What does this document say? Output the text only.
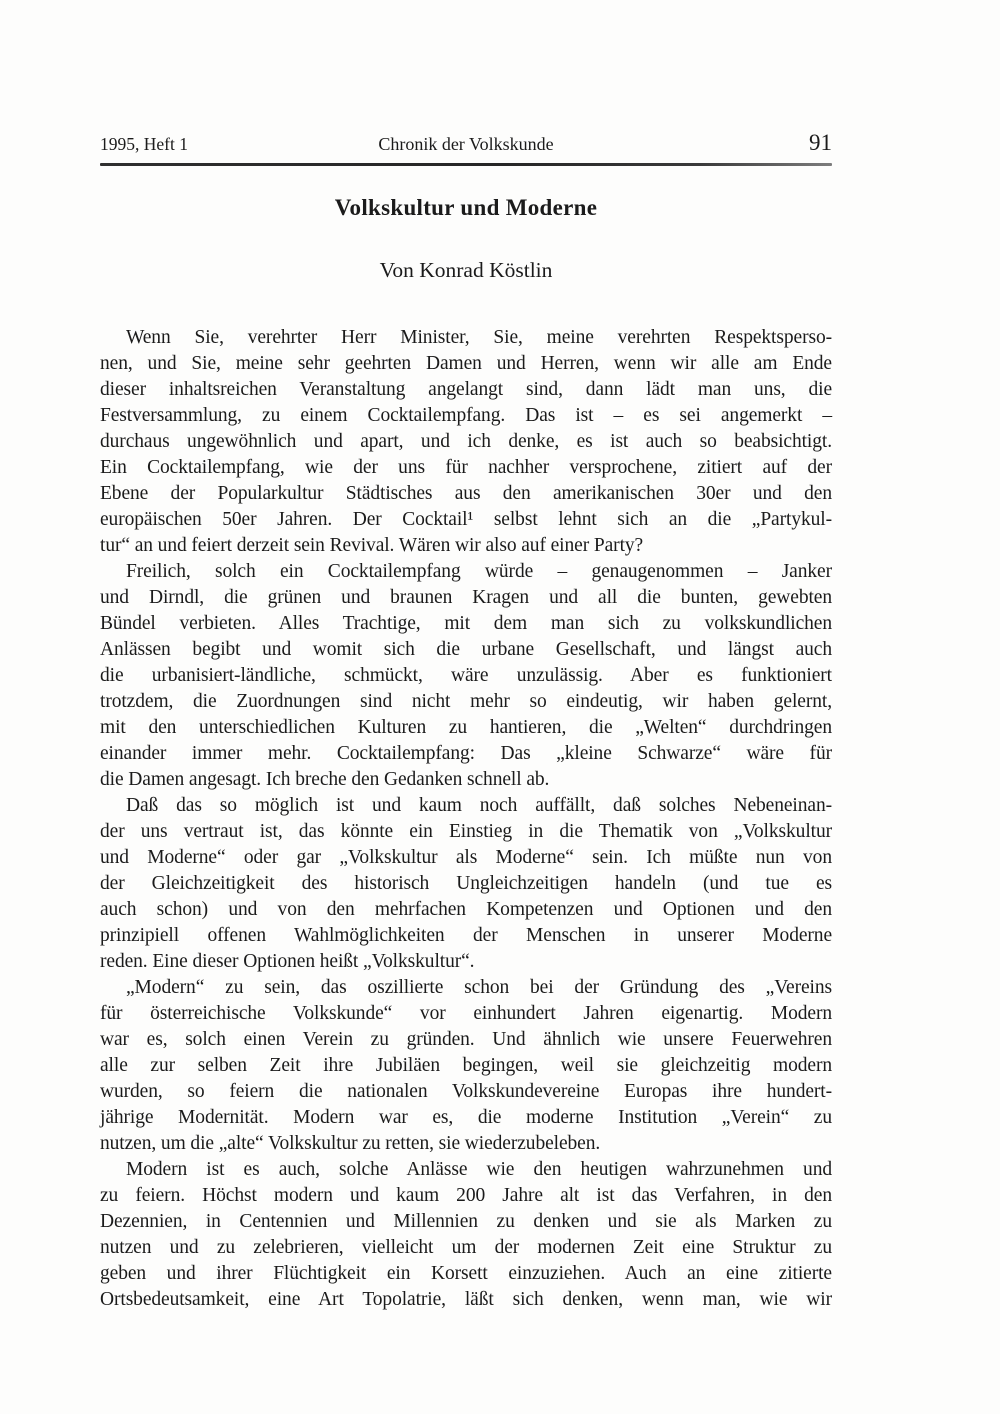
1995, Heft 1	Chronik der Volkskunde	91
Volkskultur und Moderne
Von Konrad Köstlin
Wenn Sie, verehrter Herr Minister, Sie, meine verehrten Respektsperso-
nen, und Sie, meine sehr geehrten Damen und Herren, wenn wir alle am Ende
dieser inhaltsreichen Veranstaltung angelangt sind, dann lädt man uns, die
Festversammlung, zu einem Cocktailempfang. Das ist – es sei angemerkt –
durchaus ungewöhnlich und apart, und ich denke, es ist auch so beabsichtigt.
Ein Cocktailempfang, wie der uns für nachher versprochene, zitiert auf der
Ebene der Popularkultur Städtisches aus den amerikanischen 30er und den
europäischen 50er Jahren. Der Cocktail¹ selbst lehnt sich an die „Partykul-
tur“ an und feiert derzeit sein Revival. Wären wir also auf einer Party?
Freilich, solch ein Cocktailempfang würde – genaugenommen – Janker
und Dirndl, die grünen und braunen Kragen und all die bunten, gewebten
Bündel verbieten. Alles Trachtige, mit dem man sich zu volkskundlichen
Anlässen begibt und womit sich die urbane Gesellschaft, und längst auch
die urbanisiert-ländliche, schmückt, wäre unzulässig. Aber es funktioniert
trotzdem, die Zuordnungen sind nicht mehr so eindeutig, wir haben gelernt,
mit den unterschiedlichen Kulturen zu hantieren, die „Welten“ durchdringen
einander immer mehr. Cocktailempfang: Das „kleine Schwarze“ wäre für
die Damen angesagt. Ich breche den Gedanken schnell ab.
Daß das so möglich ist und kaum noch auffällt, daß solches Nebeneinan-
der uns vertraut ist, das könnte ein Einstieg in die Thematik von „Volkskultur
und Moderne“ oder gar „Volkskultur als Moderne“ sein. Ich müßte nun von
der Gleichzeitigkeit des historisch Ungleichzeitigen handeln (und tue es
auch schon) und von den mehrfachen Kompetenzen und Optionen und den
prinzipiell offenen Wahlmöglichkeiten der Menschen in unserer Moderne
reden. Eine dieser Optionen heißt „Volkskultur“.
„Modern“ zu sein, das oszillierte schon bei der Gründung des „Vereins
für österreichische Volkskunde“ vor einhundert Jahren eigenartig. Modern
war es, solch einen Verein zu gründen. Und ähnlich wie unsere Feuerwehren
alle zur selben Zeit ihre Jubiläen begingen, weil sie gleichzeitig modern
wurden, so feiern die nationalen Volkskundevereine Europas ihre hundert-
jährige Modernität. Modern war es, die moderne Institution „Verein“ zu
nutzen, um die „alte“ Volkskultur zu retten, sie wiederzubeleben.
Modern ist es auch, solche Anlässe wie den heutigen wahrzunehmen und
zu feiern. Höchst modern und kaum 200 Jahre alt ist das Verfahren, in den
Dezennien, in Centennien und Millennien zu denken und sie als Marken zu
nutzen und zu zelebrieren, vielleicht um der modernen Zeit eine Struktur zu
geben und ihrer Flüchtigkeit ein Korsett einzuziehen. Auch an eine zitierte
Ortsbedeutsamkeit, eine Art Topolatrie, läßt sich denken, wenn man, wie wir
